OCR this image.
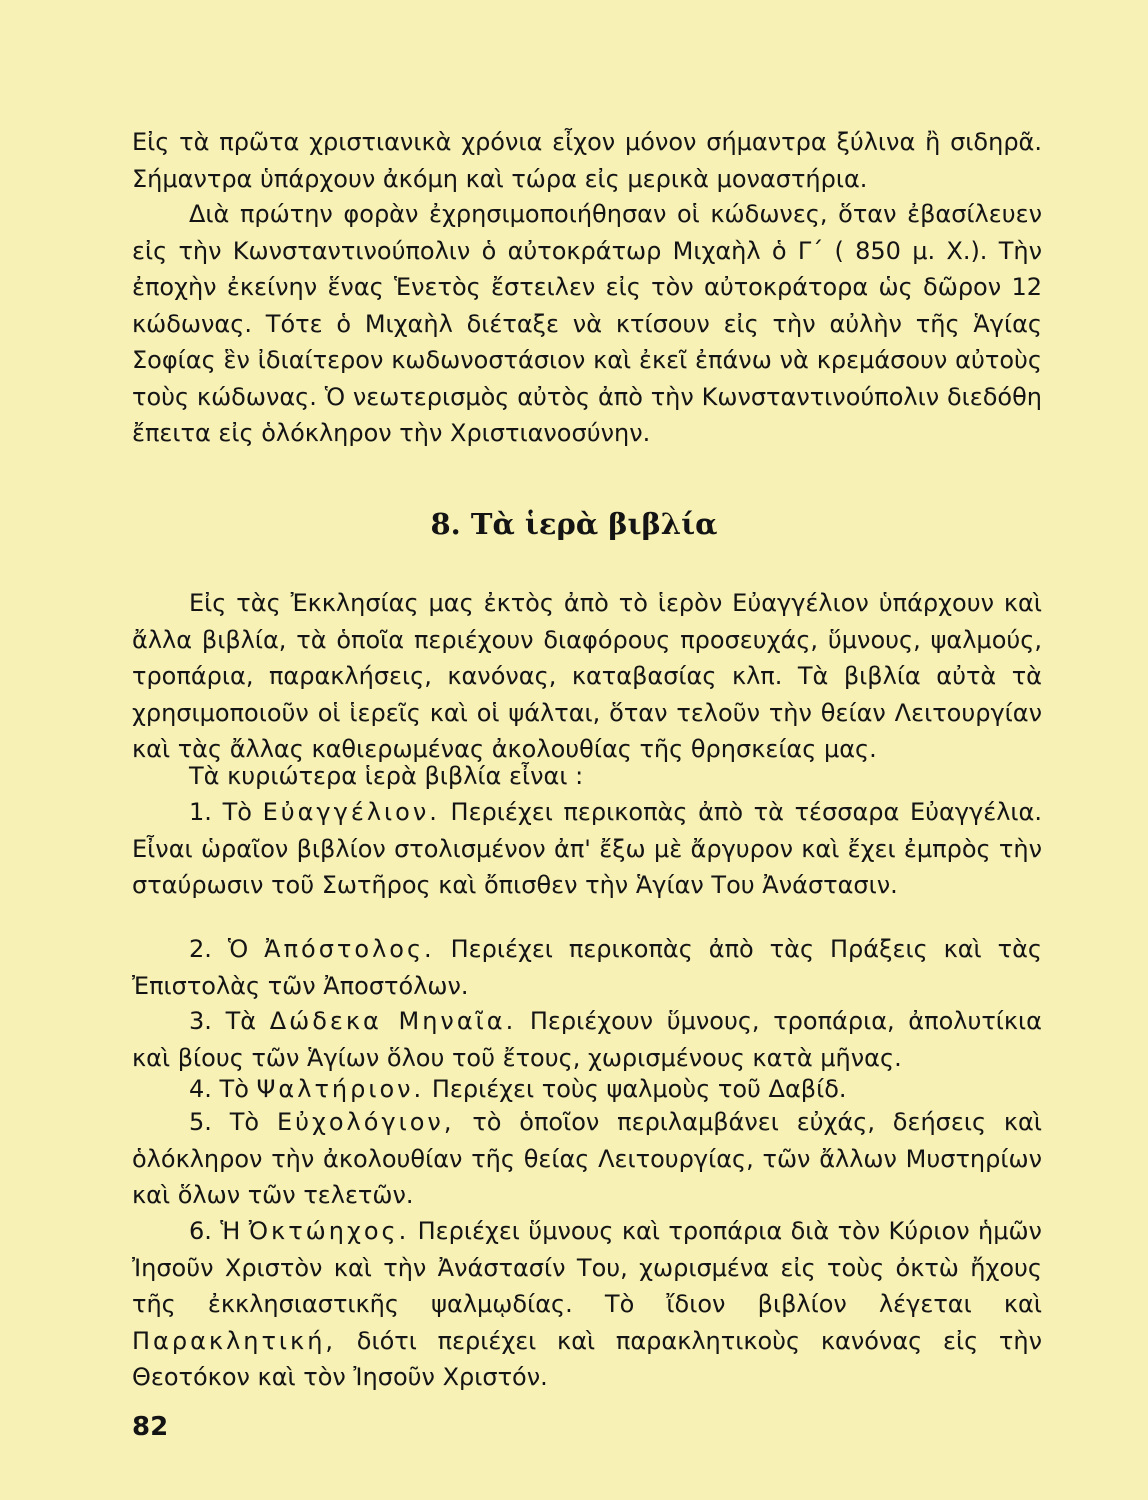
Εἰς τὰ πρῶτα χριστιανικὰ χρόνια εἶχον μόνον σήμαντρα ξύλινα ἢ σιδηρᾶ. Σήμαντρα ὑπάρχουν ἀκόμη καὶ τώρα εἰς μερικὰ μοναστήρια.

Διὰ πρώτην φορὰν ἐχρησιμοποιήθησαν οἱ κώδωνες, ὅταν ἐβασίλευεν εἰς τὴν Κωνσταντινούπολιν ὁ αὐτοκράτωρ Μιχαὴλ ὁ Γ΄ ( 850 μ. Χ.). Τὴν ἐποχὴν ἐκείνην ἕνας Ἑνετὸς ἔστειλεν εἰς τὸν αὐτοκράτορα ὡς δῶρον 12 κώδωνας. Τότε ὁ Μιχαὴλ διέταξε νὰ κτίσουν εἰς τὴν αὐλὴν τῆς Ἁγίας Σοφίας ἓν ἰδιαίτερον κωδωνοστάσιον καὶ ἐκεῖ ἐπάνω νὰ κρεμάσουν αὐτοὺς τοὺς κώδωνας. Ὁ νεωτερισμὸς αὐτὸς ἀπὸ τὴν Κωνσταντινούπολιν διεδόθη ἔπειτα εἰς ὁλόκληρον τὴν Χριστιανοσύνην.

8. Τὰ ἱερὰ βιβλία

Εἰς τὰς Ἐκκλησίας μας ἐκτὸς ἀπὸ τὸ ἱερὸν Εὐαγγέλιον ὑπάρχουν καὶ ἄλλα βιβλία, τὰ ὁποῖα περιέχουν διαφόρους προσευχάς, ὕμνους, ψαλμούς, τροπάρια, παρακλήσεις, κανόνας, καταβασίας κλπ. Τὰ βιβλία αὐτὰ τὰ χρησιμοποιοῦν οἱ ἱερεῖς καὶ οἱ ψάλται, ὅταν τελοῦν τὴν θείαν Λειτουργίαν καὶ τὰς ἄλλας καθιερωμένας ἀκολουθίας τῆς θρησκείας μας.

Τὰ κυριώτερα ἱερὰ βιβλία εἶναι :

1. Τὸ Εὐαγγέλιον. Περιέχει περικοπὰς ἀπὸ τὰ τέσσαρα Εὐαγγέλια. Εἶναι ὡραῖον βιβλίον στολισμένον ἀπ' ἔξω μὲ ἄργυρον καὶ ἔχει ἐμπρὸς τὴν σταύρωσιν τοῦ Σωτῆρος καὶ ὄπισθεν τὴν Ἁγίαν Του Ἀνάστασιν.

2. Ὁ Ἀπόστολος. Περιέχει περικοπὰς ἀπὸ τὰς Πράξεις καὶ τὰς Ἐπιστολὰς τῶν Ἀποστόλων.

3. Τὰ Δώδεκα Μηναῖα. Περιέχουν ὕμνους, τροπάρια, ἀπολυτίκια καὶ βίους τῶν Ἁγίων ὅλου τοῦ ἔτους, χωρισμένους κατὰ μῆνας.

4. Τὸ Ψαλτήριον. Περιέχει τοὺς ψαλμοὺς τοῦ Δαβίδ.

5. Τὸ Εὐχολόγιον, τὸ ὁποῖον περιλαμβάνει εὐχάς, δεήσεις καὶ ὁλόκληρον τὴν ἀκολουθίαν τῆς θείας Λειτουργίας, τῶν ἄλλων Μυστηρίων καὶ ὅλων τῶν τελετῶν.

6. Ἡ Ὀκτώηχος. Περιέχει ὕμνους καὶ τροπάρια διὰ τὸν Κύριον ἡμῶν Ἰησοῦν Χριστὸν καὶ τὴν Ἀνάστασίν Του, χωρισμένα εἰς τοὺς ὀκτὼ ἤχους τῆς ἐκκλησιαστικῆς ψαλμῳδίας. Τὸ ἴδιον βιβλίον λέγεται καὶ Παρακλητική, διότι περιέχει καὶ παρακλητικοὺς κανόνας εἰς τὴν Θεοτόκον καὶ τὸν Ἰησοῦν Χριστόν.

82
